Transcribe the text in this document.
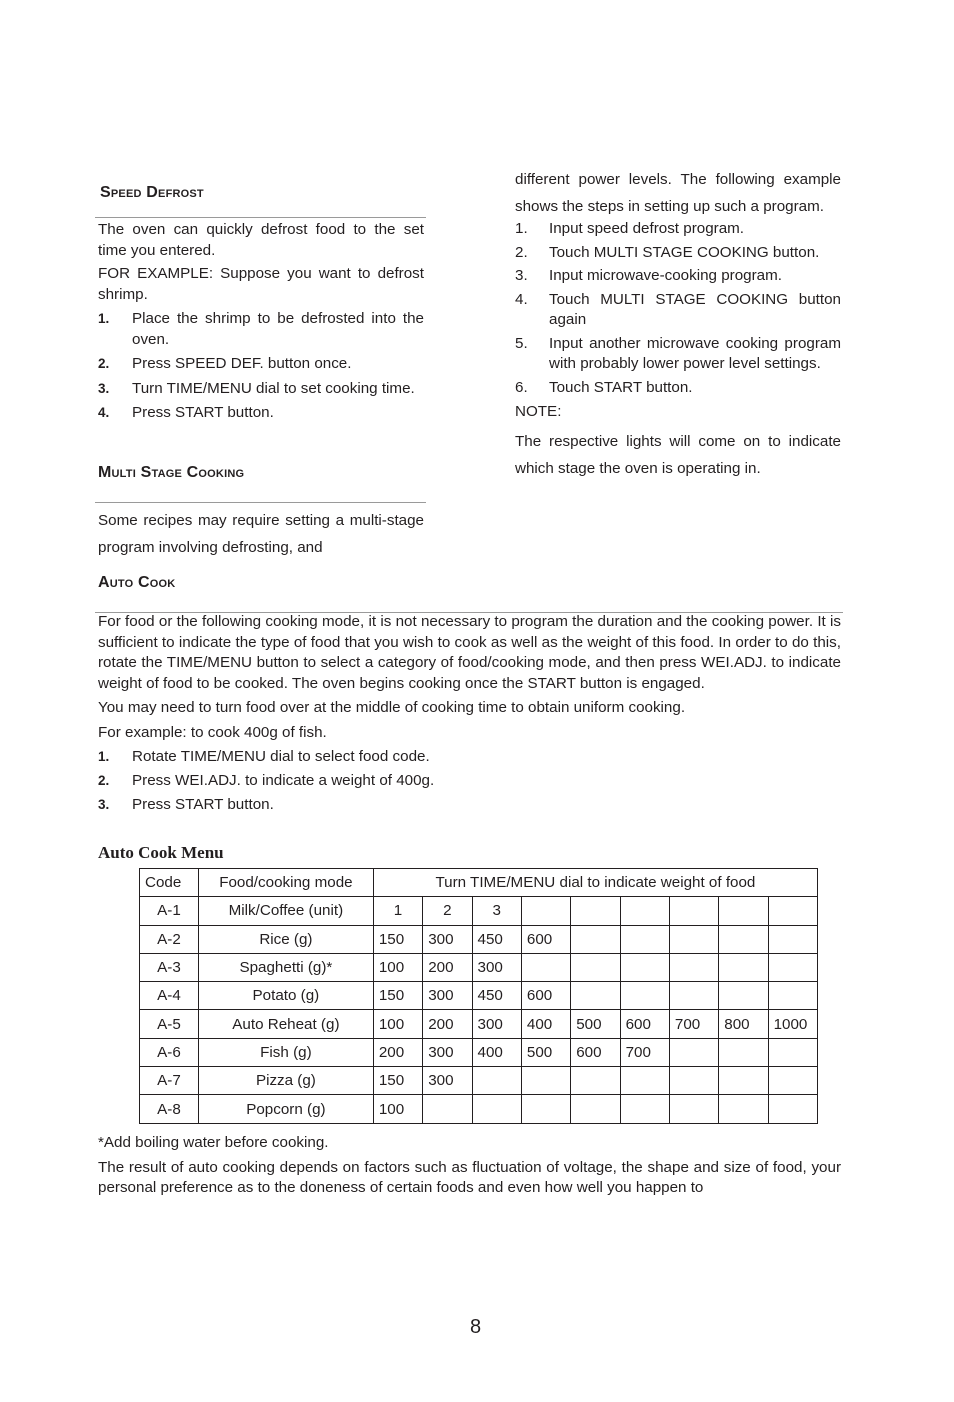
Speed Defrost

The oven can quickly defrost food to the set time you entered.

FOR EXAMPLE: Suppose you want to defrost shrimp.

1. Place the shrimp to be defrosted into the oven.
2. Press SPEED DEF. button once.
3. Turn TIME/MENU dial to set cooking time.
4. Press START button.
Multi Stage Cooking

Some recipes may require setting a multi-stage program involving defrosting, and

different power levels. The following example shows the steps in setting up such a program.

1. Input speed defrost program.
2. Touch MULTI STAGE COOKING button.
3. Input microwave-cooking program.
4. Touch MULTI STAGE COOKING button again
5. Input another microwave cooking program with probably lower power level settings.
6. Touch START button.

NOTE:

The respective lights will come on to indicate which stage the oven is operating in.

Auto Cook

For food or the following cooking mode, it is not necessary to program the duration and the cooking power. It is sufficient to indicate the type of food that you wish to cook as well as the weight of this food. In order to do this, rotate the TIME/MENU button to select a category of food/cooking mode, and then press WEI.ADJ. to indicate weight of food to be cooked. The oven begins cooking once the START button is engaged.

You may need to turn food over at the middle of cooking time to obtain uniform cooking.

For example: to cook 400g of fish.

1. Rotate TIME/MENU dial to select food code.
2. Press WEI.ADJ. to indicate a weight of 400g.
3. Press START button.
Auto Cook Menu
Code	Food/cooking mode	Turn TIME/MENU dial to indicate weight of food								
A-1	Milk/Coffee (unit)	1	2	3						
A-2	Rice (g)	150	300	450	600					
A-3	Spaghetti (g)*	100	200	300						
A-4	Potato (g)	150	300	450	600					
A-5	Auto Reheat (g)	100	200	300	400	500	600	700	800	1000
A-6	Fish (g)	200	300	400	500	600	700			
A-7	Pizza (g)	150	300							
A-8	Popcorn (g)	100								

*Add boiling water before cooking.

The result of auto cooking depends on factors such as fluctuation of voltage, the shape and size of food, your personal preference as to the doneness of certain foods and even how well you happen to

8
